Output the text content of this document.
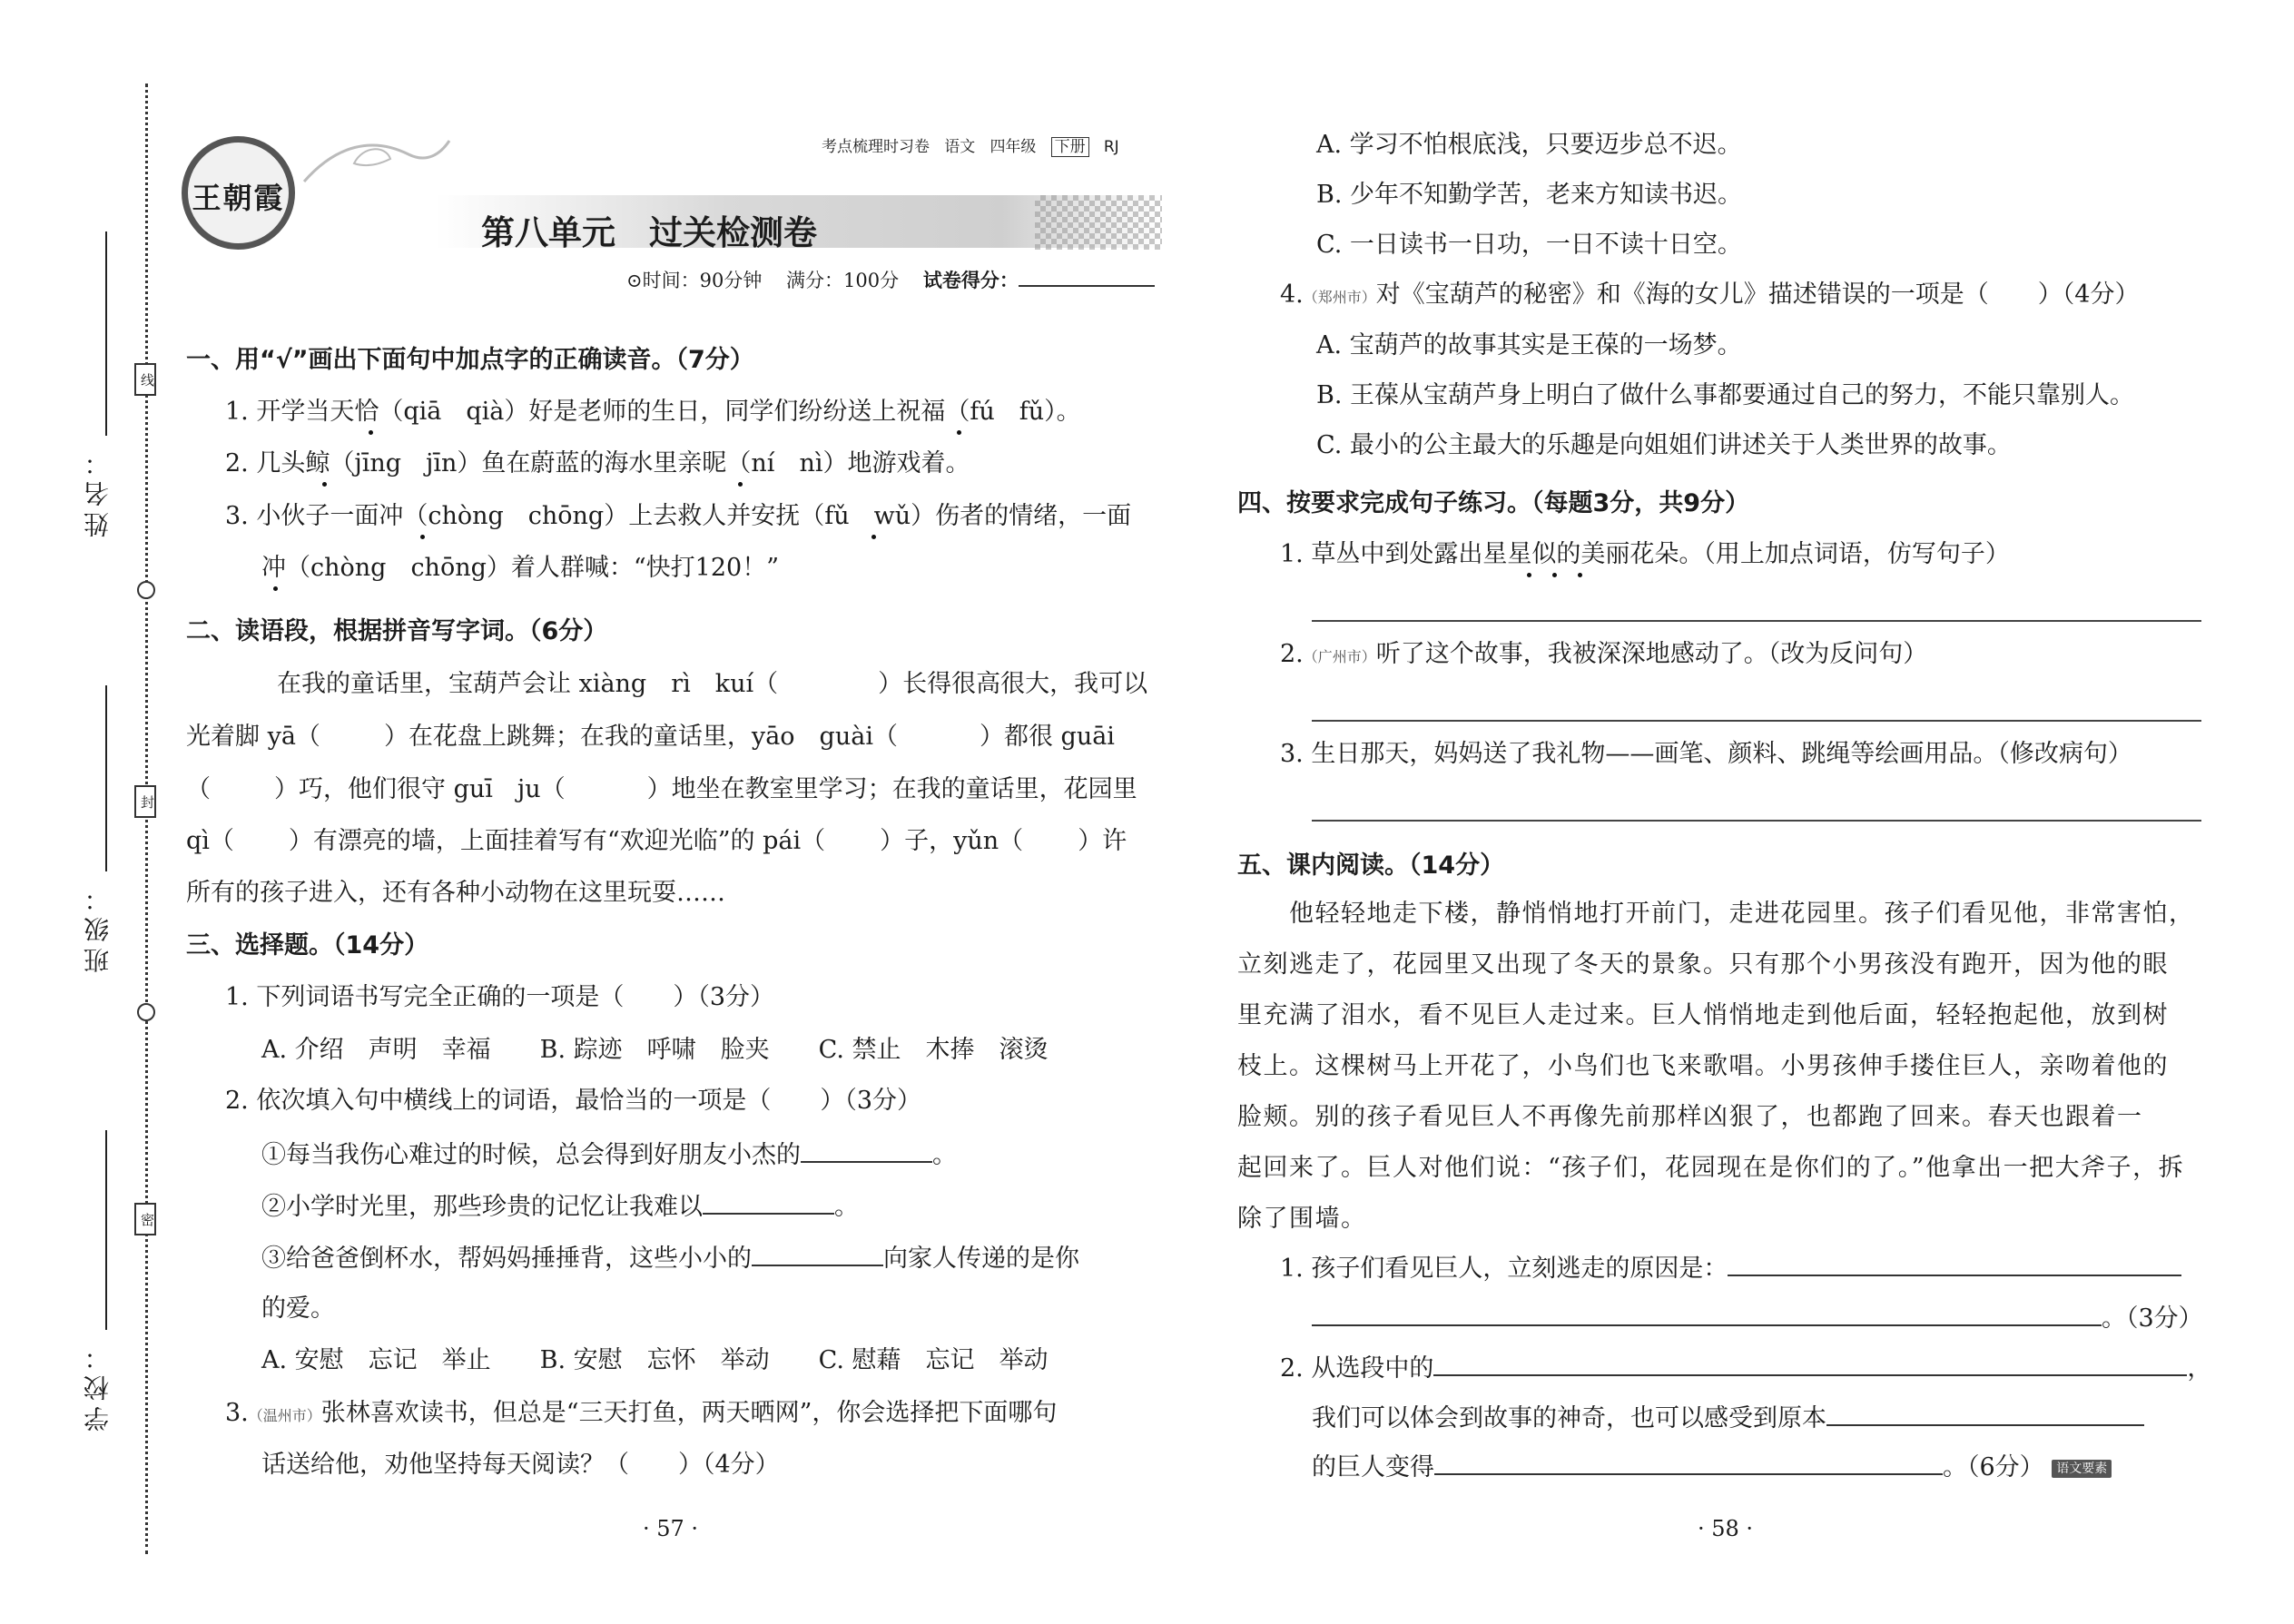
姓名：
班级：
学校：
线
封
密
王朝霞
考点梳理时习卷 语文 四年级 下册 RJ
第八单元　过关检测卷
⊙时间：90分钟 满分：100分 试卷得分：
一、用“√”画出下面句中加点字的正确读音。（7分）
1. 开学当天恰（qiā　qià）好是老师的生日，同学们纷纷送上祝福（fú　fǔ）。
2. 几头鲸（jīng　jīn）鱼在蔚蓝的海水里亲昵（ní　nì）地游戏着。
3. 小伙子一面冲（chòng　chōng）上去救人并安抚（fǔ　wǔ）伤者的情绪，一面
冲（chòng　chōng）着人群喊：“快打120！”
二、读语段，根据拼音写字词。（6分）
在我的童话里，宝葫芦会让 xiàng　rì　kuí（	）长得很高很大，我可以
光着脚 yā（	）在花盘上跳舞；在我的童话里，yāo　guài（	）都很 guāi
（	）巧，他们很守 guī　ju（	）地坐在教室里学习；在我的童话里，花园里
qì（ ）有漂亮的墙，上面挂着写有“欢迎光临”的 pái（ ）子，yǔn（ ）许
所有的孩子进入，还有各种小动物在这里玩耍……
三、选择题。（14分）
1. 下列词语书写完全正确的一项是（　　）（3分）
A. 介绍　声明　幸福　　B. 踪迹　呼啸　脸夹　　C. 禁止　木捧　滚烫
2. 依次填入句中横线上的词语，最恰当的一项是（　　）（3分）
①每当我伤心难过的时候，总会得到好朋友小杰的	。
②小学时光里，那些珍贵的记忆让我难以	。
③给爸爸倒杯水，帮妈妈捶捶背，这些小小的	向家人传递的是你
的爱。
A. 安慰　忘记　举止　　B. 安慰　忘怀　举动　　C. 慰藉　忘记　举动
3.（温州市）张林喜欢读书，但总是“三天打鱼，两天晒网”，你会选择把下面哪句
话送给他，劝他坚持每天阅读？（　　）（4分）
· 57 ·
A. 学习不怕根底浅，只要迈步总不迟。
B. 少年不知勤学苦，老来方知读书迟。
C. 一日读书一日功，一日不读十日空。
4.（郑州市）对《宝葫芦的秘密》和《海的女儿》描述错误的一项是（　　）（4分）
A. 宝葫芦的故事其实是王葆的一场梦。
B. 王葆从宝葫芦身上明白了做什么事都要通过自己的努力，不能只靠别人。
C. 最小的公主最大的乐趣是向姐姐们讲述关于人类世界的故事。
四、按要求完成句子练习。（每题3分，共9分）
1. 草丛中到处露出星星似的美丽花朵。（用上加点词语，仿写句子）
2.（广州市）听了这个故事，我被深深地感动了。（改为反问句）
3. 生日那天，妈妈送了我礼物——画笔、颜料、跳绳等绘画用品。（修改病句）
五、课内阅读。（14分）
他轻轻地走下楼，静悄悄地打开前门，走进花园里。孩子们看见他，非常害怕，
立刻逃走了，花园里又出现了冬天的景象。只有那个小男孩没有跑开，因为他的眼
里充满了泪水，看不见巨人走过来。巨人悄悄地走到他后面，轻轻抱起他，放到树
枝上。这棵树马上开花了，小鸟们也飞来歌唱。小男孩伸手搂住巨人，亲吻着他的
脸颊。别的孩子看见巨人不再像先前那样凶狠了，也都跑了回来。春天也跟着一
起回来了。巨人对他们说：“孩子们，花园现在是你们的了。”他拿出一把大斧子，拆
除了围墙。
1. 孩子们看见巨人，立刻逃走的原因是：
。（3分）
2. 从选段中的	，
我们可以体会到故事的神奇，也可以感受到原本
的巨人变得	。（6分） 语文要素
· 58 ·
